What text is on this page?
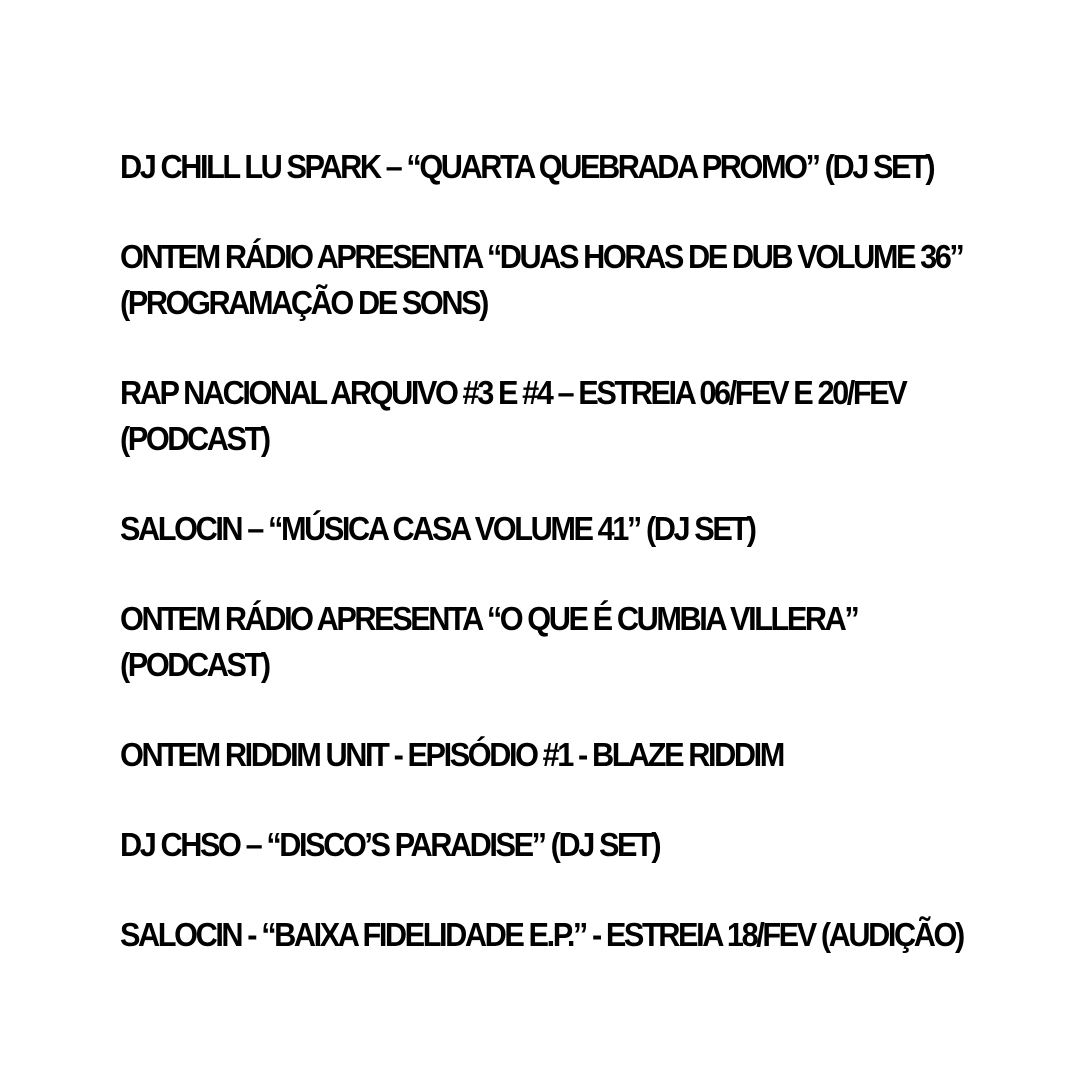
DJ CHILL LU SPARK – “QUARTA QUEBRADA PROMO” (DJ SET)
ONTEM RÁDIO APRESENTA “DUAS HORAS DE DUB VOLUME 36” (PROGRAMAÇÃO DE SONS)
RAP NACIONAL ARQUIVO #3 E #4 – ESTREIA 06/FEV E 20/FEV (PODCAST)
SALOCIN – “MÚSICA CASA VOLUME 41” (DJ SET)
ONTEM RÁDIO APRESENTA “O QUE É CUMBIA VILLERA” (PODCAST)
ONTEM RIDDIM UNIT - EPISÓDIO #1 - BLAZE RIDDIM
DJ CHSO – “DISCO’S PARADISE” (DJ SET)
SALOCIN - “BAIXA FIDELIDADE E.P.” - ESTREIA 18/FEV (AUDIÇÃO)
